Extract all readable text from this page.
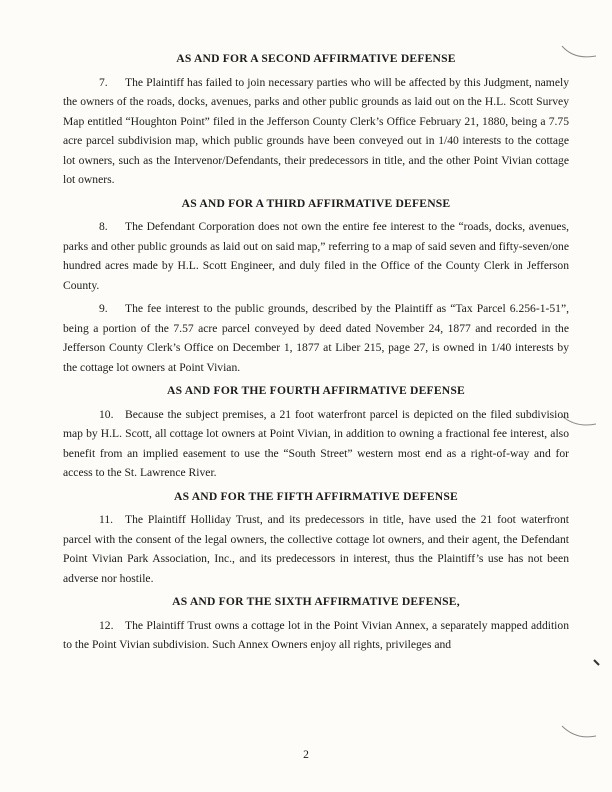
AS AND FOR A SECOND AFFIRMATIVE DEFENSE

7. The Plaintiff has failed to join necessary parties who will be affected by this Judgment, namely the owners of the roads, docks, avenues, parks and other public grounds as laid out on the H.L. Scott Survey Map entitled “Houghton Point” filed in the Jefferson County Clerk’s Office February 21, 1880, being a 7.75 acre parcel subdivision map, which public grounds have been conveyed out in 1/40 interests to the cottage lot owners, such as the Intervenor/Defendants, their predecessors in title, and the other Point Vivian cottage lot owners.

AS AND FOR A THIRD AFFIRMATIVE DEFENSE

8. The Defendant Corporation does not own the entire fee interest to the “roads, docks, avenues, parks and other public grounds as laid out on said map,” referring to a map of said seven and fifty-seven/one hundred acres made by H.L. Scott Engineer, and duly filed in the Office of the County Clerk in Jefferson County.

9. The fee interest to the public grounds, described by the Plaintiff as “Tax Parcel 6.256-1-51”, being a portion of the 7.57 acre parcel conveyed by deed dated November 24, 1877 and recorded in the Jefferson County Clerk’s Office on December 1, 1877 at Liber 215, page 27, is owned in 1/40 interests by the cottage lot owners at Point Vivian.

AS AND FOR THE FOURTH AFFIRMATIVE DEFENSE

10. Because the subject premises, a 21 foot waterfront parcel is depicted on the filed subdivision map by H.L. Scott, all cottage lot owners at Point Vivian, in addition to owning a fractional fee interest, also benefit from an implied easement to use the “South Street” western most end as a right-of-way and for access to the St. Lawrence River.

AS AND FOR THE FIFTH AFFIRMATIVE DEFENSE

11. The Plaintiff Holliday Trust, and its predecessors in title, have used the 21 foot waterfront parcel with the consent of the legal owners, the collective cottage lot owners, and their agent, the Defendant Point Vivian Park Association, Inc., and its predecessors in interest, thus the Plaintiff’s use has not been adverse nor hostile.

AS AND FOR THE SIXTH AFFIRMATIVE DEFENSE,

12. The Plaintiff Trust owns a cottage lot in the Point Vivian Annex, a separately mapped addition to the Point Vivian subdivision. Such Annex Owners enjoy all rights, privileges and

2
